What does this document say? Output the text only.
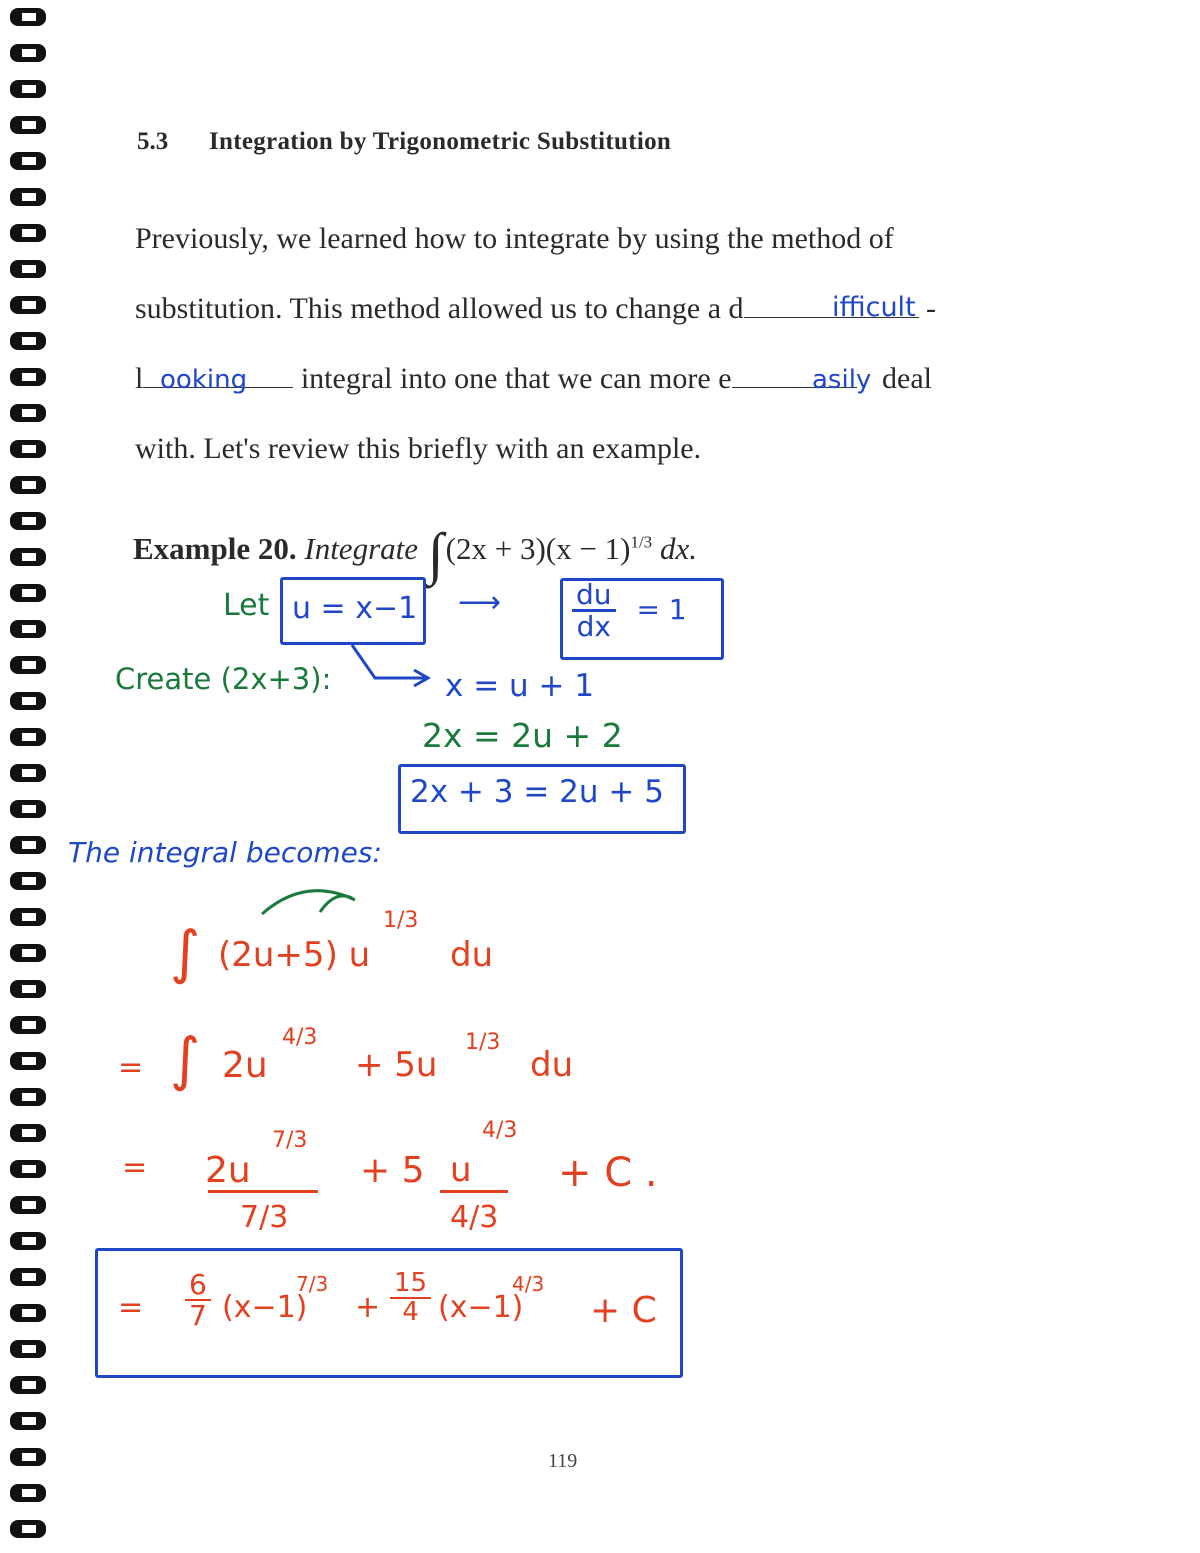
5.3 Integration by Trigonometric Substitution
Previously, we learned how to integrate by using the method of
substitution. This method allowed us to change a d	-
ifficult
l	integral into one that we can more e	deal
ooking	asily
with. Let's review this briefly with an example.
Example 20. Integrate $\int(2x + 3)(x - 1)^{1/3}$ dx.
Let u = x−1 ⟶	$\frac{du}{dx} = 1$
Create (2x+3):	x = u + 1
2x = 2u + 2
2x + 3 = 2u + 5
The integral becomes:
∫ (2u+5) u
1/3
du
= ∫ 2u
4/3
+ 5u
1/3
du
= 2u
7/3
7/3
+ 5 u
4/3
4/3
+ C .
= $\frac{6}{7} (x-1)$
7/3
+ $\frac{15}{4} (x-1)$
4/3
+ C
119
